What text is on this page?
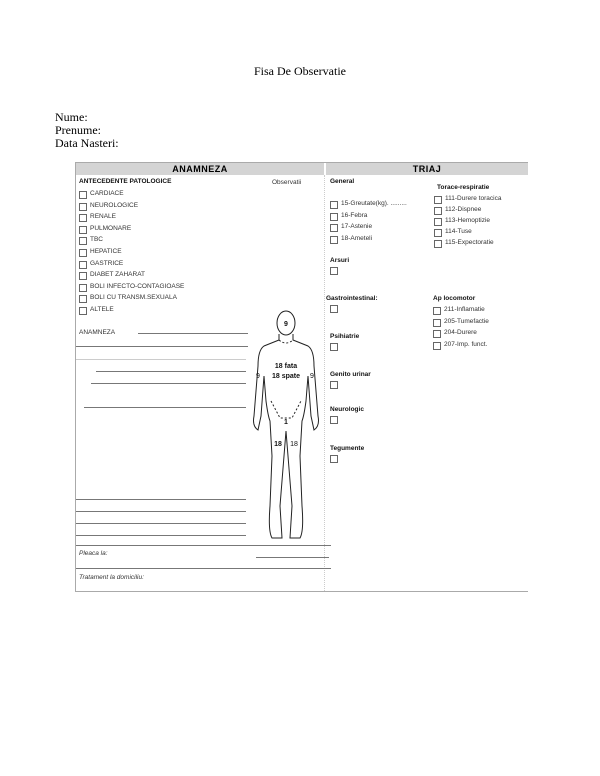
Fisa De Observatie
Nume:
Prenume:
Data Nasteri:
ANAMNEZA	TRIAJ
ANTECEDENTE PATOLOGICE	Observatii
CARDIACE
NEUROLOGICE
RENALE
PULMONARE
TBC
HEPATICE
GASTRICE
DIABET ZAHARAT
BOLI INFECTO-CONTAGIOASE
BOLI CU TRANSM.SEXUALA
ALTELE
ANAMNEZA
Pleaca la:
Tratament la domiciliu:
9
18 fata
18 spate
9	9
1
18 18
General
15-Greutate(kg). .........
16-Febra
17-Astenie
18-Ameteli
Torace-respiratie
111-Durere toracica
112-Dispnee
113-Hemoptizie
114-Tuse
115-Expectoratie
Arsuri
Gastrointestinal:	Ap locomotor
211-Inflamatie
205-Tumefactie
204-Durere
207-Imp. funct.
Psihiatrie
Genito urinar
Neurologic
Tegumente
